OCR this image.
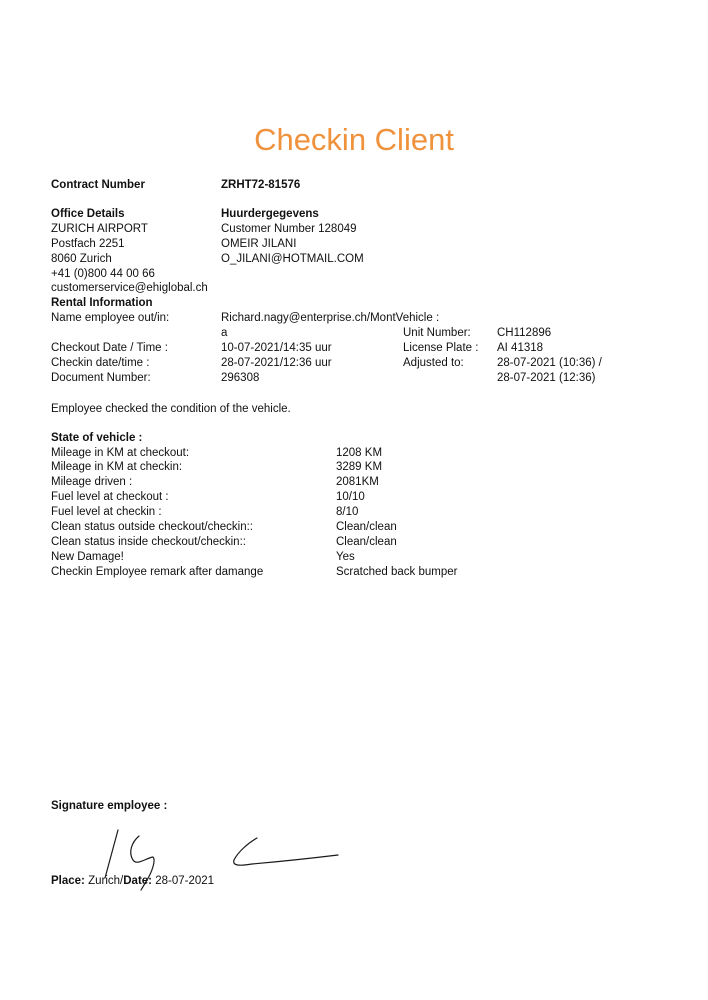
Checkin Client
Contract Number	ZRHT72-81576
Office Details
ZURICH AIRPORT
Postfach 2251
8060 Zurich
+41 (0)800 44 00 66
customerservice@ehiglobal.ch
Rental Information
Name employee out/in:
Checkout Date / Time :
Checkin date/time :
Document Number:
Huurdergegevens
Customer Number 128049
OMEIR JILANI
O_JILANI@HOTMAIL.COM
Richard.nagy@enterprise.ch/MontVehicle :
a
10-07-2021/14:35 uur
28-07-2021/12:36 uur
296308
Unit Number:
License Plate :
Adjusted to:
CH112896
AI 41318
28-07-2021 (10:36) /
28-07-2021 (12:36)
Employee checked the condition of the vehicle.
State of vehicle :
Mileage in KM at checkout:
Mileage in KM at checkin:
Mileage driven :
Fuel level at checkout :
Fuel level at checkin :
Clean status outside checkout/checkin::
Clean status inside checkout/checkin::
New Damage!
Checkin Employee remark after damange
1208 KM
3289 KM
2081KM
10/10
8/10
Clean/clean
Clean/clean
Yes
Scratched back bumper
Signature employee :
Place: Zurich/Date: 28-07-2021
